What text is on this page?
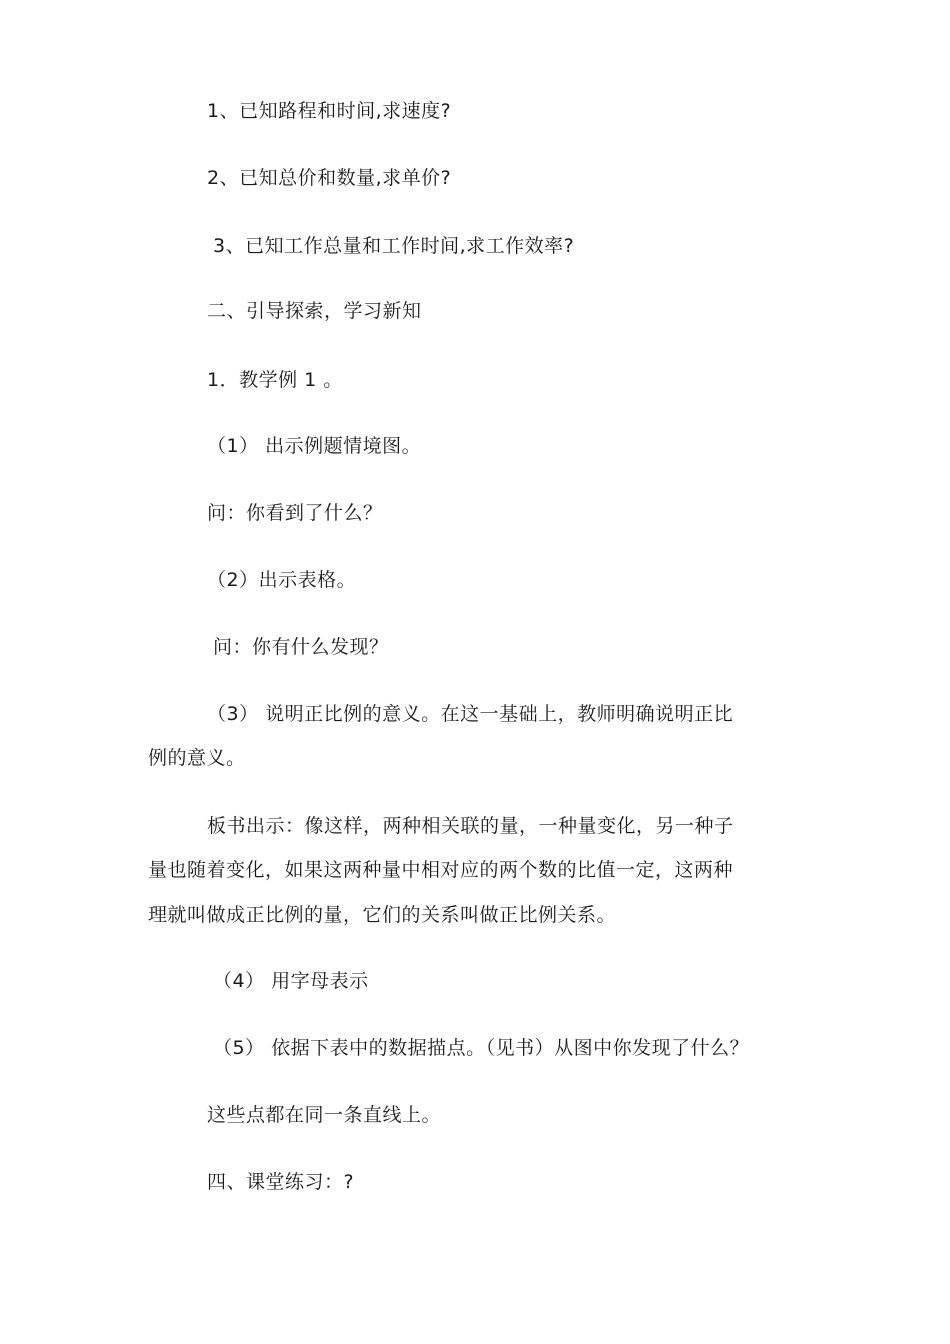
1、已知路程和时间,求速度?
2、已知总价和数量,求单价?
3、已知工作总量和工作时间,求工作效率?
二、引导探索，学习新知
1．教学例 1 。
（1） 出示例题情境图。
问：你看到了什么？
（2）出示表格。
问：你有什么发现？
（3） 说明正比例的意义。在这一基础上，教师明确说明正比
例的意义。
板书出示：像这样，两种相关联的量，一种量变化，另一种子
量也随着变化，如果这两种量中相对应的两个数的比值一定，这两种
理就叫做成正比例的量，它们的关系叫做正比例关系。
（4） 用字母表示
（5） 依据下表中的数据描点。（见书）从图中你发现了什么？
这些点都在同一条直线上。
四、课堂练习：?
